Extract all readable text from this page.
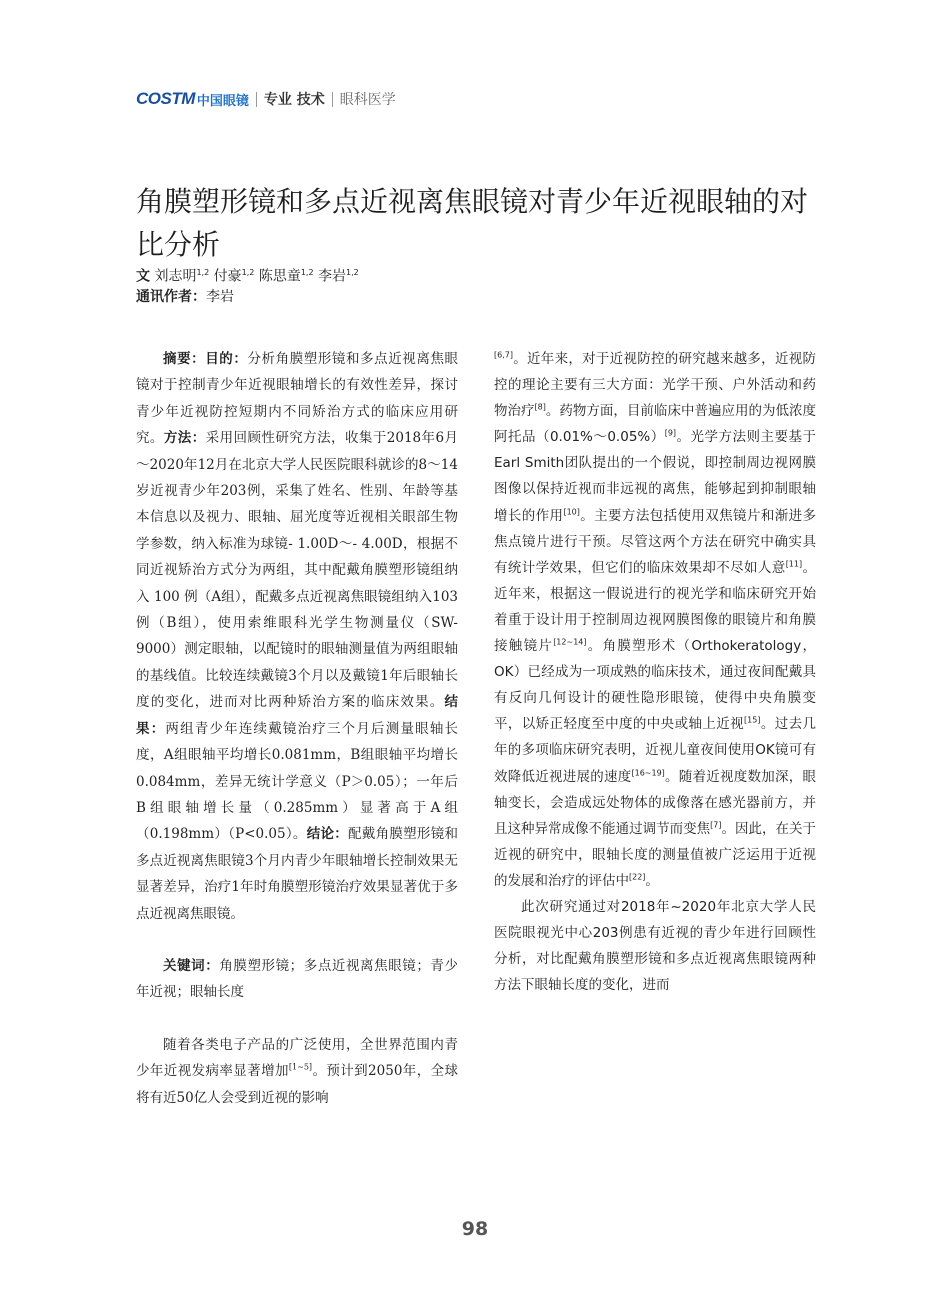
COSTM 中国眼镜 专业 技术 眼科医学
角膜塑形镜和多点近视离焦眼镜对青少年近视眼轴的对比分析
文 刘志明$^{1,2}$ 付豪$^{1,2}$ 陈思童$^{1,2}$ 李岩$^{1,2}$
通讯作者：李岩

摘要：目的：分析角膜塑形镜和多点近视离焦眼镜对于控制青少年近视眼轴增长的有效性差异，探讨青少年近视防控短期内不同矫治方式的临床应用研究。方法：采用回顾性研究方法，收集于2018年6月～2020年12月在北京大学人民医院眼科就诊的8～14岁近视青少年203例，采集了姓名、性别、年龄等基本信息以及视力、眼轴、屈光度等近视相关眼部生物学参数，纳入标准为球镜- 1.00D～- 4.00D，根据不同近视矫治方式分为两组，其中配戴角膜塑形镜组纳入 100 例（A组），配戴多点近视离焦眼镜组纳入103 例（B组），使用索维眼科光学生物测量仪（SW- 9000）测定眼轴，以配镜时的眼轴测量值为两组眼轴的基线值。比较连续戴镜3个月以及戴镜1年后眼轴长度的变化，进而对比两种矫治方案的临床效果。结果：两组青少年连续戴镜治疗三个月后测量眼轴长度，A组眼轴平均增长0.081mm，B组眼轴平均增长0.084mm，差异无统计学意义（P＞0.05）；一年后B组眼轴增长量（0.285mm）显著高于A组（0.198mm）（P<0.05）。结论：配戴角膜塑形镜和多点近视离焦眼镜3个月内青少年眼轴增长控制效果无显著差异，治疗1年时角膜塑形镜治疗效果显著优于多点近视离焦眼镜。

关键词：角膜塑形镜；多点近视离焦眼镜；青少年近视；眼轴长度

随着各类电子产品的广泛使用，全世界范围内青少年近视发病率显著增加[1~5]。预计到2050年，全球将有近50亿人会受到近视的影响

[6,7]。近年来，对于近视防控的研究越来越多，近视防控的理论主要有三大方面：光学干预、户外活动和药物治疗[8]。药物方面，目前临床中普遍应用的为低浓度阿托品（0.01%～0.05%）[9]。光学方法则主要基于Earl Smith团队提出的一个假说，即控制周边视网膜图像以保持近视而非远视的离焦，能够起到抑制眼轴增长的作用[10]。主要方法包括使用双焦镜片和渐进多焦点镜片进行干预。尽管这两个方法在研究中确实具有统计学效果，但它们的临床效果却不尽如人意[11]。近年来，根据这一假说进行的视光学和临床研究开始着重于设计用于控制周边视网膜图像的眼镜片和角膜接触镜片[12~14]。角膜塑形术（Orthokeratology，OK）已经成为一项成熟的临床技术，通过夜间配戴具有反向几何设计的硬性隐形眼镜，使得中央角膜变平，以矫正轻度至中度的中央或轴上近视[15]。过去几年的多项临床研究表明，近视儿童夜间使用OK镜可有效降低近视进展的速度[16~19]。随着近视度数加深，眼轴变长，会造成远处物体的成像落在感光器前方，并且这种异常成像不能通过调节而变焦[7]。因此，在关于近视的研究中，眼轴长度的测量值被广泛运用于近视的发展和治疗的评估中[22]。

此次研究通过对2018年~2020年北京大学人民医院眼视光中心203例患有近视的青少年进行回顾性分析，对比配戴角膜塑形镜和多点近视离焦眼镜两种方法下眼轴长度的变化，进而

98
